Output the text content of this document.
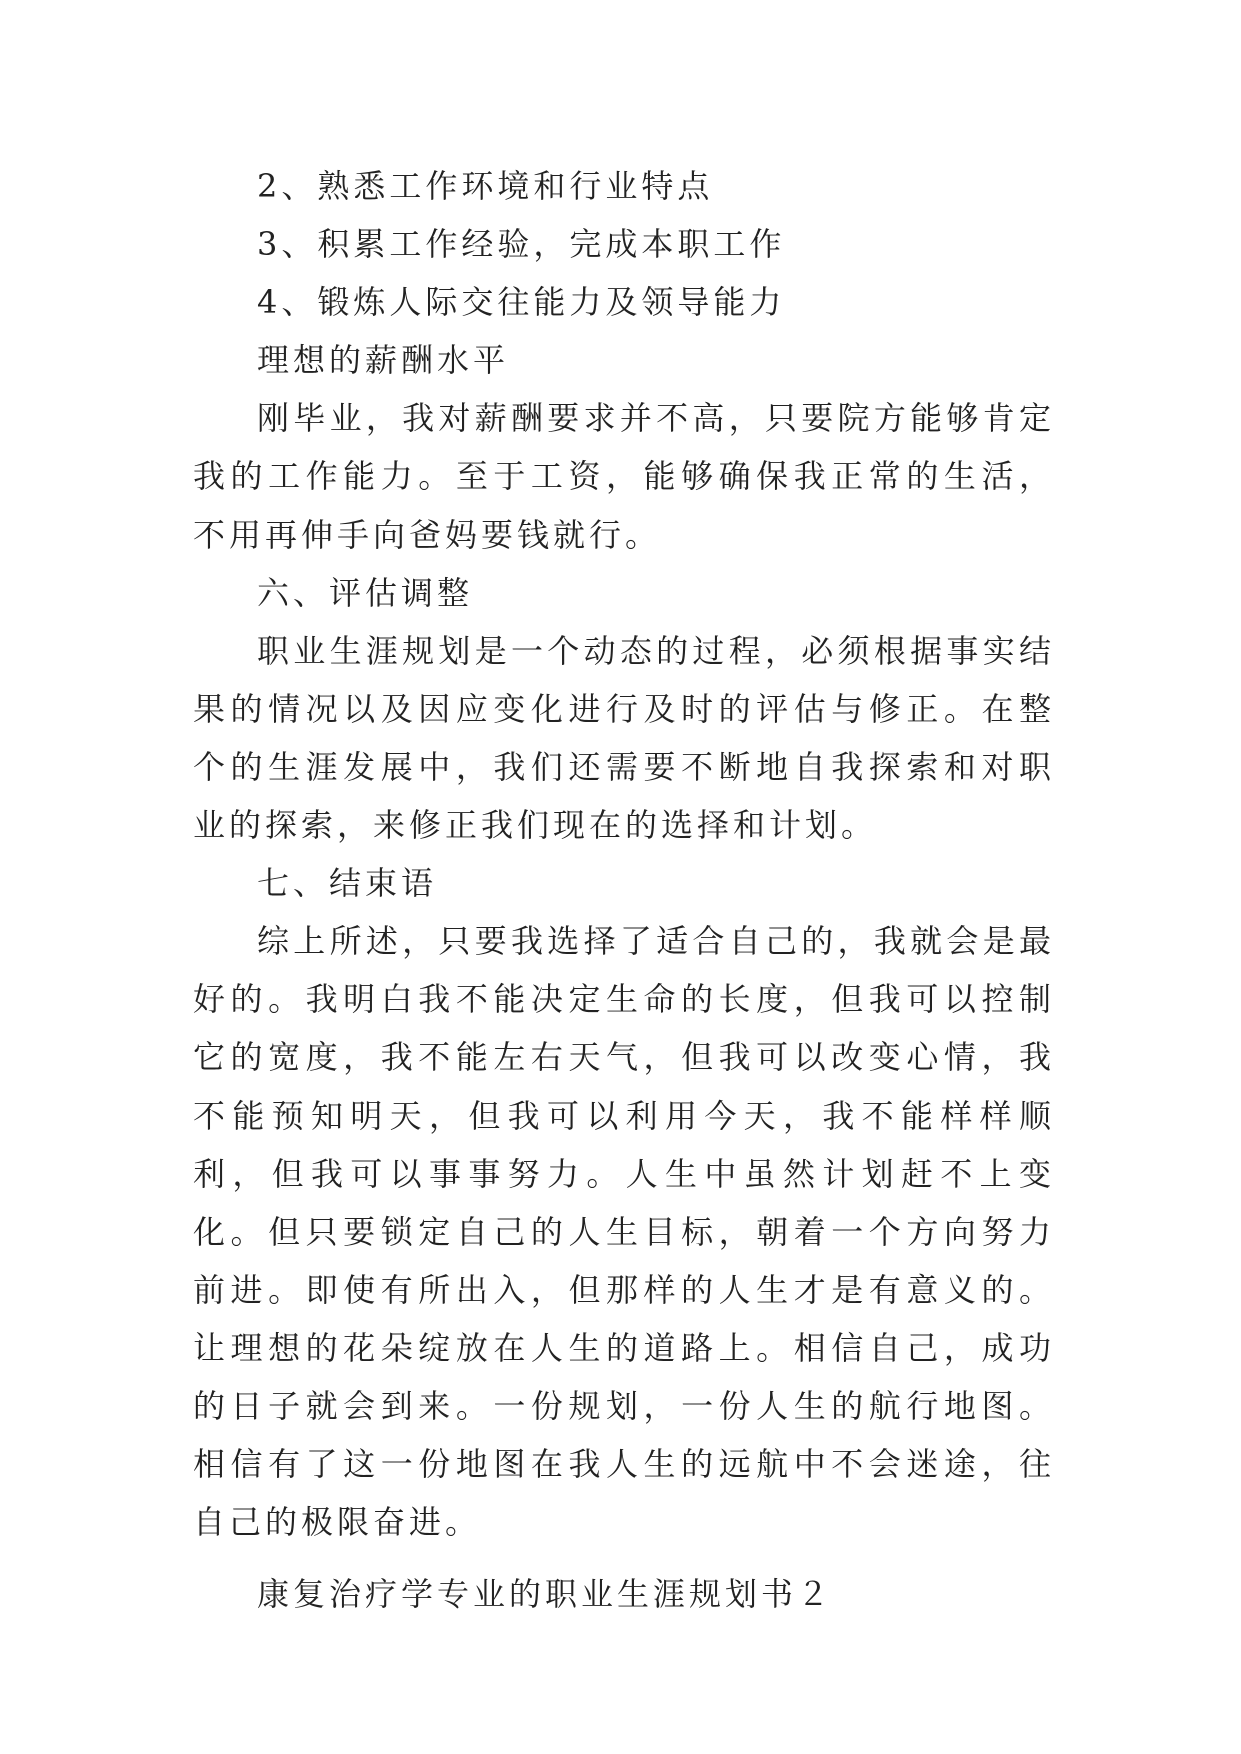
2、熟悉工作环境和行业特点

3、积累工作经验，完成本职工作

4、锻炼人际交往能力及领导能力

理想的薪酬水平

刚毕业，我对薪酬要求并不高，只要院方能够肯定我的工作能力。至于工资，能够确保我正常的生活，不用再伸手向爸妈要钱就行。

六、评估调整

职业生涯规划是一个动态的过程，必须根据事实结果的情况以及因应变化进行及时的评估与修正。在整个的生涯发展中，我们还需要不断地自我探索和对职业的探索，来修正我们现在的选择和计划。

七、结束语

综上所述，只要我选择了适合自己的，我就会是最好的。我明白我不能决定生命的长度，但我可以控制它的宽度，我不能左右天气，但我可以改变心情，我不能预知明天，但我可以利用今天，我不能样样顺利，但我可以事事努力。人生中虽然计划赶不上变化。但只要锁定自己的人生目标，朝着一个方向努力前进。即使有所出入，但那样的人生才是有意义的。让理想的花朵绽放在人生的道路上。相信自己，成功的日子就会到来。一份规划，一份人生的航行地图。相信有了这一份地图在我人生的远航中不会迷途，往自己的极限奋进。

康复治疗学专业的职业生涯规划书２
